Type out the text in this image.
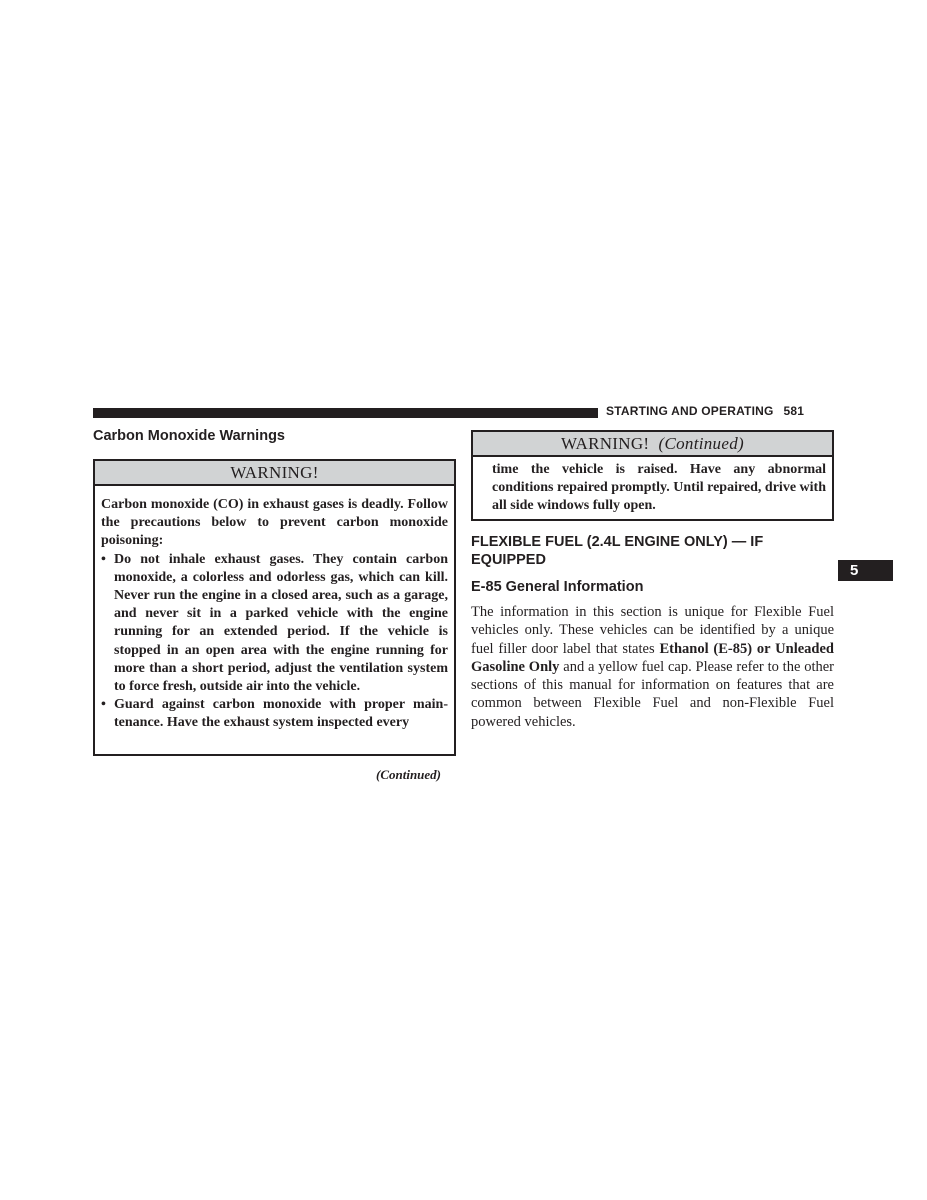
STARTING AND OPERATING 581
5
Carbon Monoxide Warnings
WARNING!

Carbon monoxide (CO) in exhaust gases is deadly. Follow the precautions below to prevent carbon monoxide poisoning:

• Do not inhale exhaust gases. They contain carbon monoxide, a colorless and odorless gas, which can kill. Never run the engine in a closed area, such as a garage, and never sit in a parked vehicle with the engine running for an extended period. If the vehicle is stopped in an open area with the engine running for more than a short period, adjust the ventilation system to force fresh, outside air into the vehicle.
• Guard against carbon monoxide with proper main-tenance. Have the exhaust system inspected every
(Continued)
WARNING! (Continued)

time the vehicle is raised. Have any abnormal conditions repaired promptly. Until repaired, drive with all side windows fully open.

FLEXIBLE FUEL (2.4L ENGINE ONLY) — IF EQUIPPED
E-85 General Information
The information in this section is unique for Flexible Fuel vehicles only. These vehicles can be identified by a unique fuel filler door label that states Ethanol (E-85) or Unleaded Gasoline Only and a yellow fuel cap. Please refer to the other sections of this manual for information on features that are common between Flexible Fuel and non-Flexible Fuel powered vehicles.
